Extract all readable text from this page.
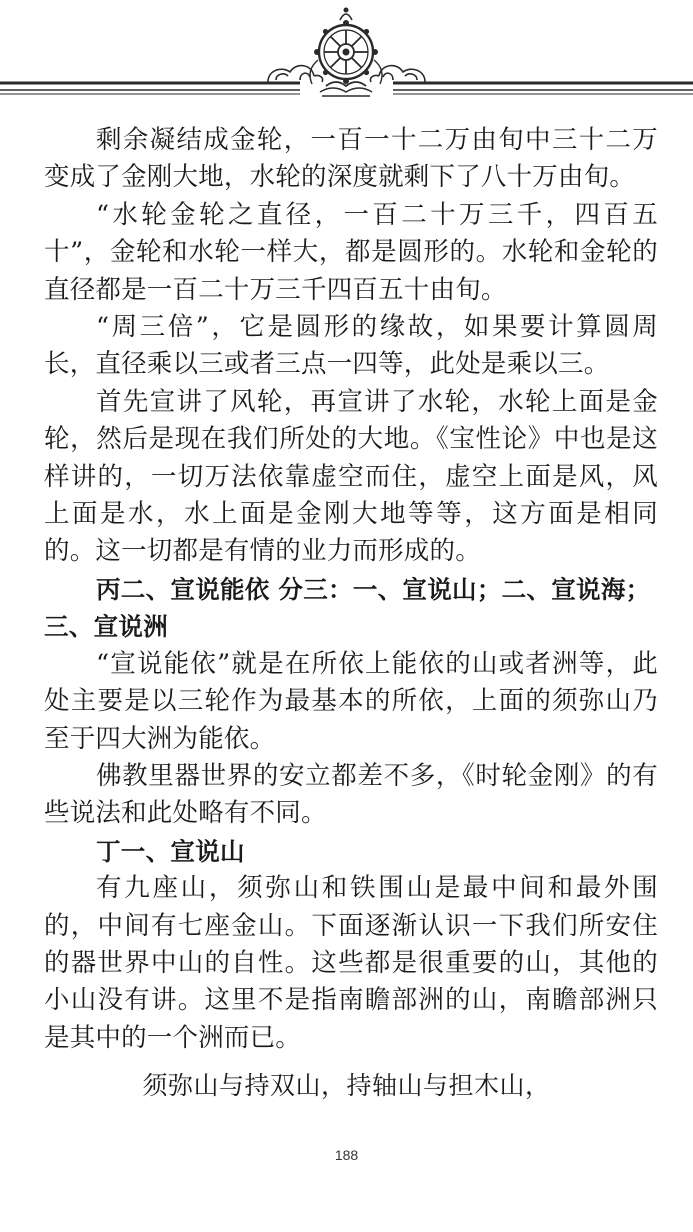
剩余凝结成金轮，一百一十二万由旬中三十二万变成了金刚大地，水轮的深度就剩下了八十万由旬。

“水轮金轮之直径，一百二十万三千，四百五十”，金轮和水轮一样大，都是圆形的。水轮和金轮的直径都是一百二十万三千四百五十由旬。

“周三倍”，它是圆形的缘故，如果要计算圆周长，直径乘以三或者三点一四等，此处是乘以三。

首先宣讲了风轮，再宣讲了水轮，水轮上面是金轮，然后是现在我们所处的大地。《宝性论》中也是这样讲的，一切万法依靠虚空而住，虚空上面是风，风上面是水，水上面是金刚大地等等，这方面是相同的。这一切都是有情的业力而形成的。

丙二、宣说能依 分三：一、宣说山；二、宣说海；三、宣说洲

“宣说能依”就是在所依上能依的山或者洲等，此处主要是以三轮作为最基本的所依，上面的须弥山乃至于四大洲为能依。

佛教里器世界的安立都差不多，《时轮金刚》的有些说法和此处略有不同。

丁一、宣说山

有九座山，须弥山和铁围山是最中间和最外围的，中间有七座金山。下面逐渐认识一下我们所安住的器世界中山的自性。这些都是很重要的山，其他的小山没有讲。这里不是指南瞻部洲的山，南瞻部洲只是其中的一个洲而已。

须弥山与持双山，持轴山与担木山，
188
